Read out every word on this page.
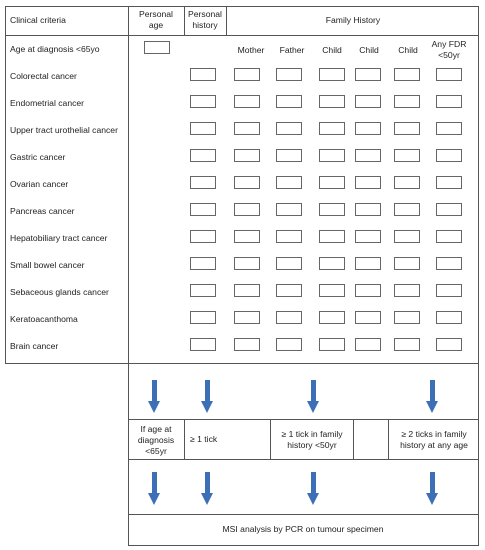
Clinical criteria
Personal
age
Personal
history	Family History
Mother Father Child Child Child
Any FDR
<50yr
Age at diagnosis <65yo
Colorectal cancer
Endometrial cancer
Upper tract urothelial cancer
Gastric cancer
Ovarian cancer
Pancreas cancer
Hepatobiliary tract cancer
Small bowel cancer
Sebaceous glands cancer
Keratoacanthoma
Brain cancer
If age at
diagnosis
<65yr
≥ 1 tick	≥ 1 tick in family
history <50yr
≥ 2 ticks in family
history at any age
MSI analysis by PCR on tumour specimen
